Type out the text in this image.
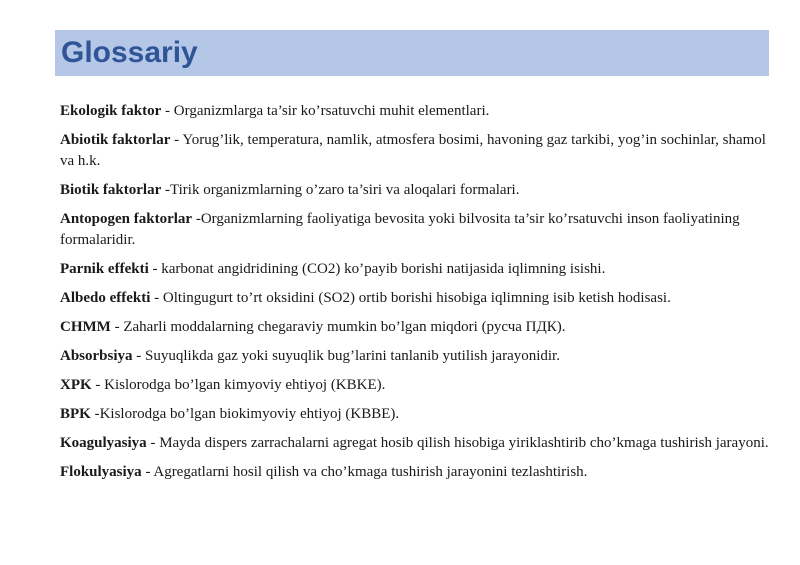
Glossariy

Ekologik faktor - Organizmlarga ta’sir ko’rsatuvchi muhit elementlari.

Abiotik faktorlar - Yorug’lik, temperatura, namlik, atmosfera bosimi, havoning gaz tarkibi, yog’in sochinlar, shamol va h.k.

Biotik faktorlar -Tirik organizmlarning o’zaro ta’siri va aloqalari formalari.

Antopogen faktorlar -Organizmlarning faoliyatiga bevosita yoki bilvosita ta’sir ko’rsatuvchi inson faoliyatining formalaridir.

Parnik effekti - karbonat angidridining (CO2) ko’payib borishi natijasida iqlimning isishi.

Albedo effekti - Oltingugurt to’rt oksidini (SO2) ortib borishi hisobiga iqlimning isib ketish hodisasi.

CHMM - Zaharli moddalarning chegaraviy mumkin bo’lgan miqdori (русча ПДК).

Absorbsiya - Suyuqlikda gaz yoki suyuqlik bug’larini tanlanib yutilish jarayonidir.

XPK - Kislorodga bo’lgan kimyoviy ehtiyoj (KBKE).

BPK -Kislorodga bo’lgan biokimyoviy ehtiyoj (KBBE).

Koagulyasiya - Mayda dispers zarrachalarni agregat hosib qilish hisobiga yiriklashtirib cho’kmaga tushirish jarayoni.

Flokulyasiya - Agregatlarni hosil qilish va cho’kmaga tushirish jarayonini tezlashtirish.
